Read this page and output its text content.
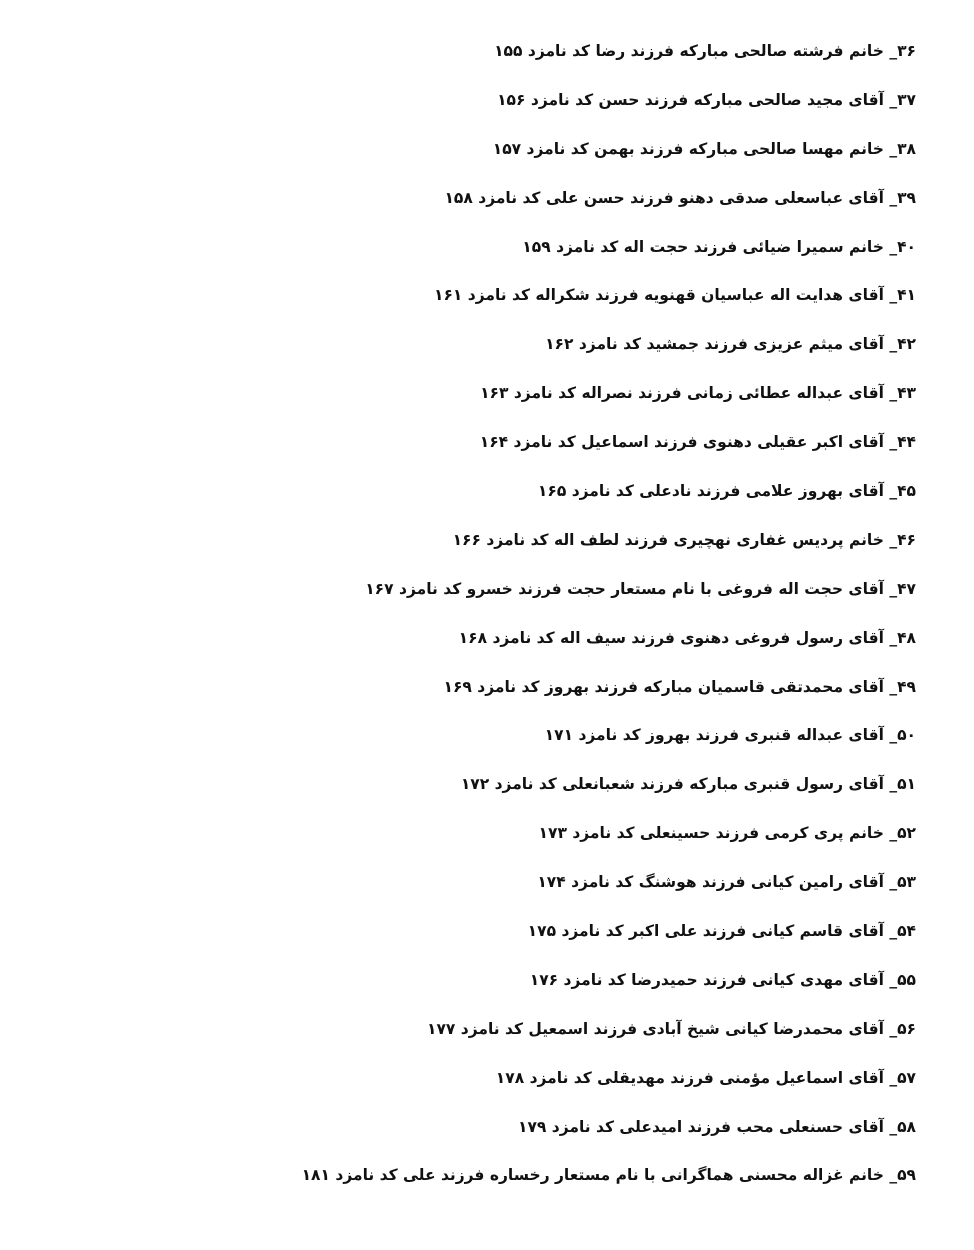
۳۶_ خانم فرشته صالحی مبارکه فرزند رضا کد نامزد ۱۵۵
۳۷_ آقای مجید صالحی مبارکه فرزند حسن کد نامزد ۱۵۶
۳۸_ خانم مهسا صالحی مبارکه فرزند بهمن کد نامزد ۱۵۷
۳۹_ آقای عباسعلی صدقی دهنو فرزند حسن علی کد نامزد ۱۵۸
۴۰_ خانم سمیرا ضیائی فرزند حجت اله کد نامزد ۱۵۹
۴۱_ آقای هدایت اله عباسیان قهنویه فرزند شکراله کد نامزد ۱۶۱
۴۲_ آقای میثم عزیزی فرزند جمشید کد نامزد ۱۶۲
۴۳_ آقای عبداله عطائی زمانی فرزند نصراله کد نامزد ۱۶۳
۴۴_ آقای اکبر عقیلی دهنوی فرزند اسماعیل کد نامزد ۱۶۴
۴۵_ آقای بهروز علامی فرزند نادعلی کد نامزد ۱۶۵
۴۶_ خانم پردیس غفاری نهچیری فرزند لطف اله کد نامزد ۱۶۶
۴۷_ آقای حجت اله فروغی با نام مستعار حجت فرزند خسرو کد نامزد ۱۶۷
۴۸_ آقای رسول فروغی دهنوی فرزند سیف اله کد نامزد ۱۶۸
۴۹_ آقای محمدتقی قاسمیان مبارکه فرزند بهروز کد نامزد ۱۶۹
۵۰_ آقای عبداله قنبری فرزند بهروز کد نامزد ۱۷۱
۵۱_ آقای رسول قنبری مبارکه فرزند شعبانعلی کد نامزد ۱۷۲
۵۲_ خانم پری کرمی فرزند حسینعلی کد نامزد ۱۷۳
۵۳_ آقای رامین کیانی فرزند هوشنگ کد نامزد ۱۷۴
۵۴_ آقای قاسم کیانی فرزند علی اکبر کد نامزد ۱۷۵
۵۵_ آقای مهدی کیانی فرزند حمیدرضا کد نامزد ۱۷۶
۵۶_ آقای محمدرضا کیانی شیخ آبادی فرزند اسمعیل کد نامزد ۱۷۷
۵۷_ آقای اسماعیل مؤمنی فرزند مهدیقلی کد نامزد ۱۷۸
۵۸_ آقای حسنعلی محب فرزند امیدعلی کد نامزد ۱۷۹
۵۹_ خانم غزاله محسنی هماگرانی با نام مستعار رخساره فرزند علی کد نامزد ۱۸۱
